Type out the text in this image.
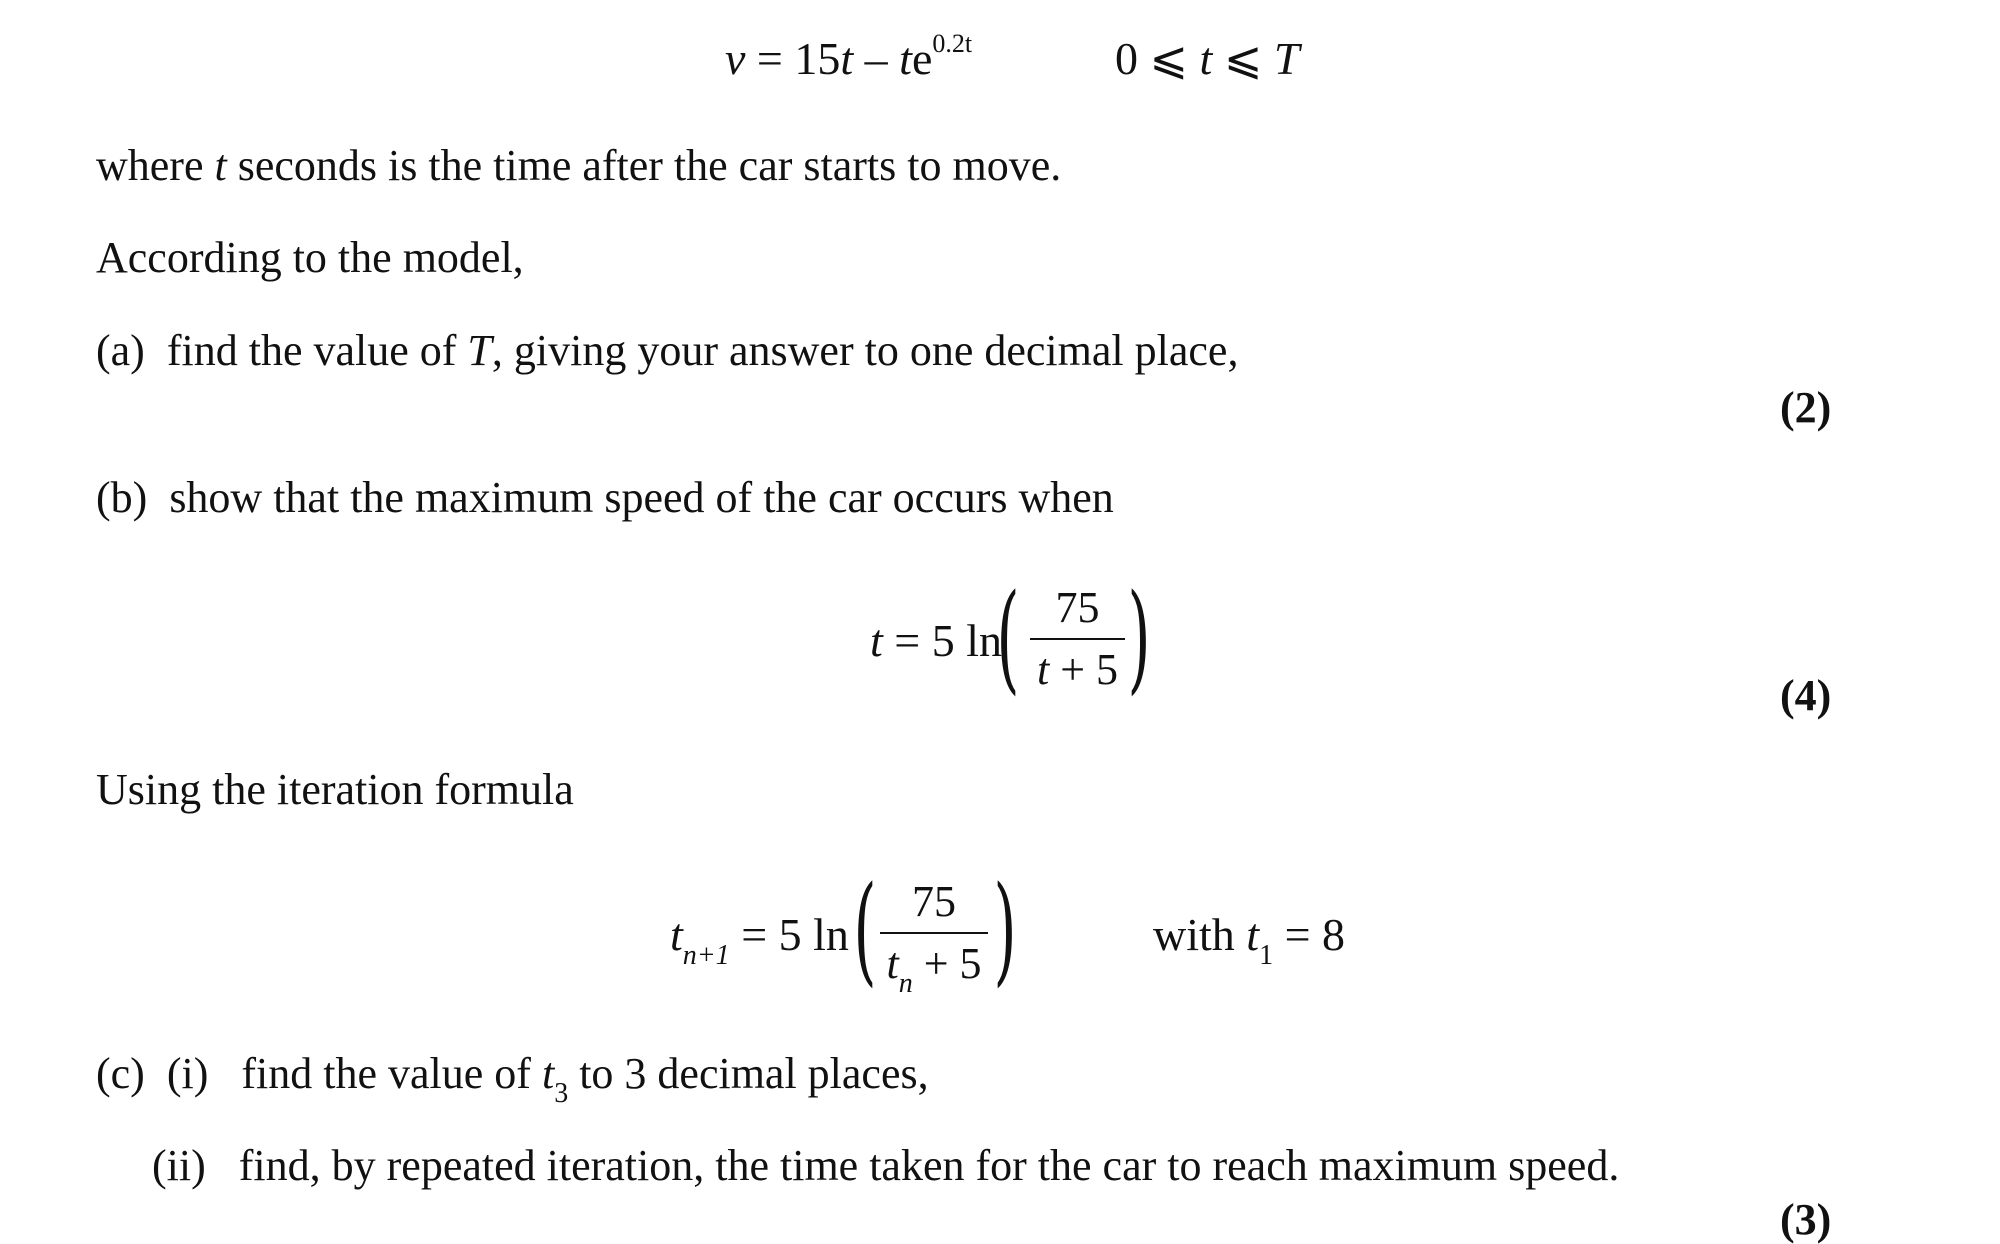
$v = 15t - te^{0.2t}$	0 ⩽ t ⩽ T
where t seconds is the time after the car starts to move.
According to the model,
(a) find the value of T, giving your answer to one decimal place,
(2)
(b) show that the maximum speed of the car occurs when
t = 5 ln
( 75
t + 5 )	(4)
Using the iteration formula
$t_{n+1} = 5$ ln ( 75
$t_n + 5$ )	with $t_1 = 8$
(c) (i) find the value of $t_3$ to 3 decimal places,
(ii) find, by repeated iteration, the time taken for the car to reach maximum speed.
(3)
